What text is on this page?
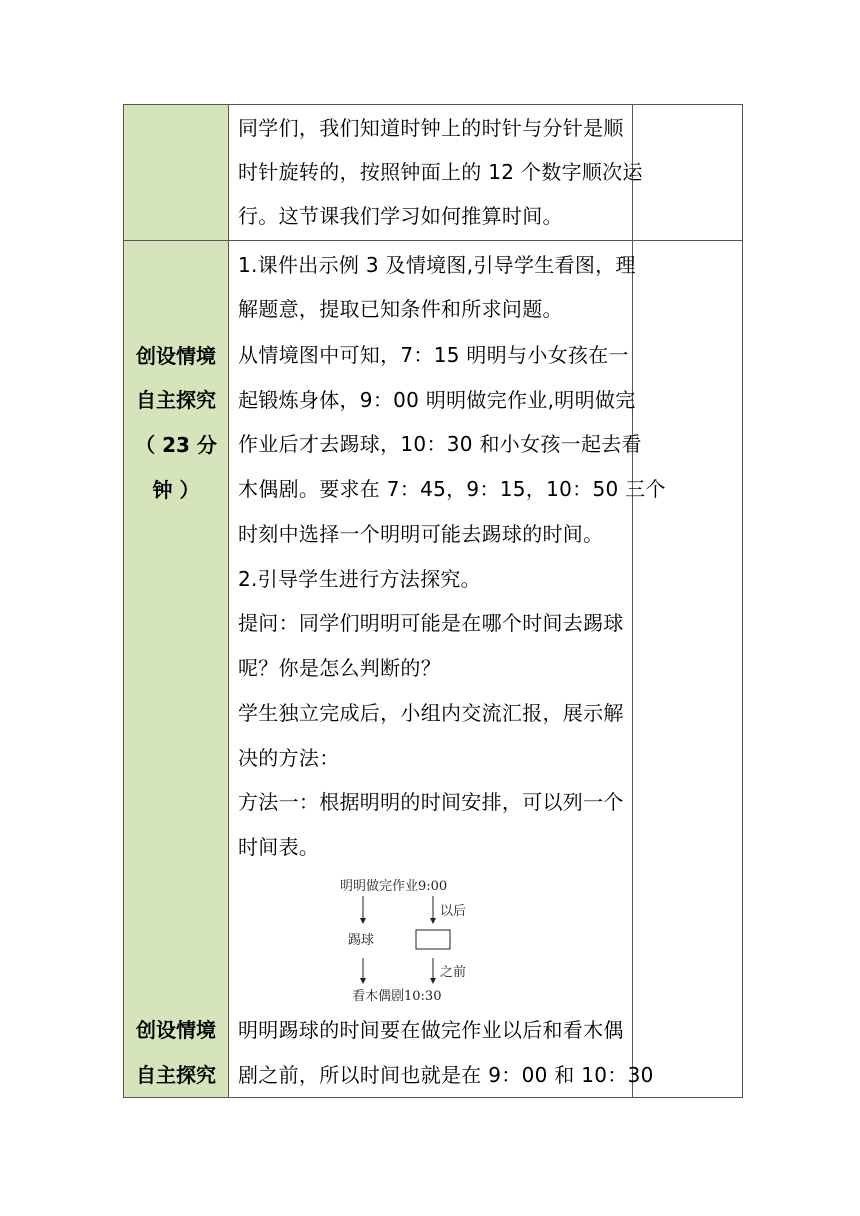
同学们，我们知道时钟上的时针与分针是顺
时针旋转的，按照钟面上的 12 个数字顺次运
行。这节课我们学习如何推算时间。
创设情境
自主探究
（ 23 分
钟 ）
1.课件出示例 3 及情境图,引导学生看图，理
解题意，提取已知条件和所求问题。
从情境图中可知，7：15 明明与小女孩在一
起锻炼身体，9：00 明明做完作业,明明做完
作业后才去踢球，10：30 和小女孩一起去看
木偶剧。要求在 7：45，9：15，10：50 三个
时刻中选择一个明明可能去踢球的时间。
2.引导学生进行方法探究。
提问：同学们明明可能是在哪个时间去踢球
呢？你是怎么判断的？
学生独立完成后，小组内交流汇报，展示解
决的方法：
方法一：根据明明的时间安排，可以列一个
时间表。
明明做完作业9:00
以后
踢球
之前
看木偶剧10:30
创设情境
自主探究
明明踢球的时间要在做完作业以后和看木偶
剧之前，所以时间也就是在 9：00 和 10：30
